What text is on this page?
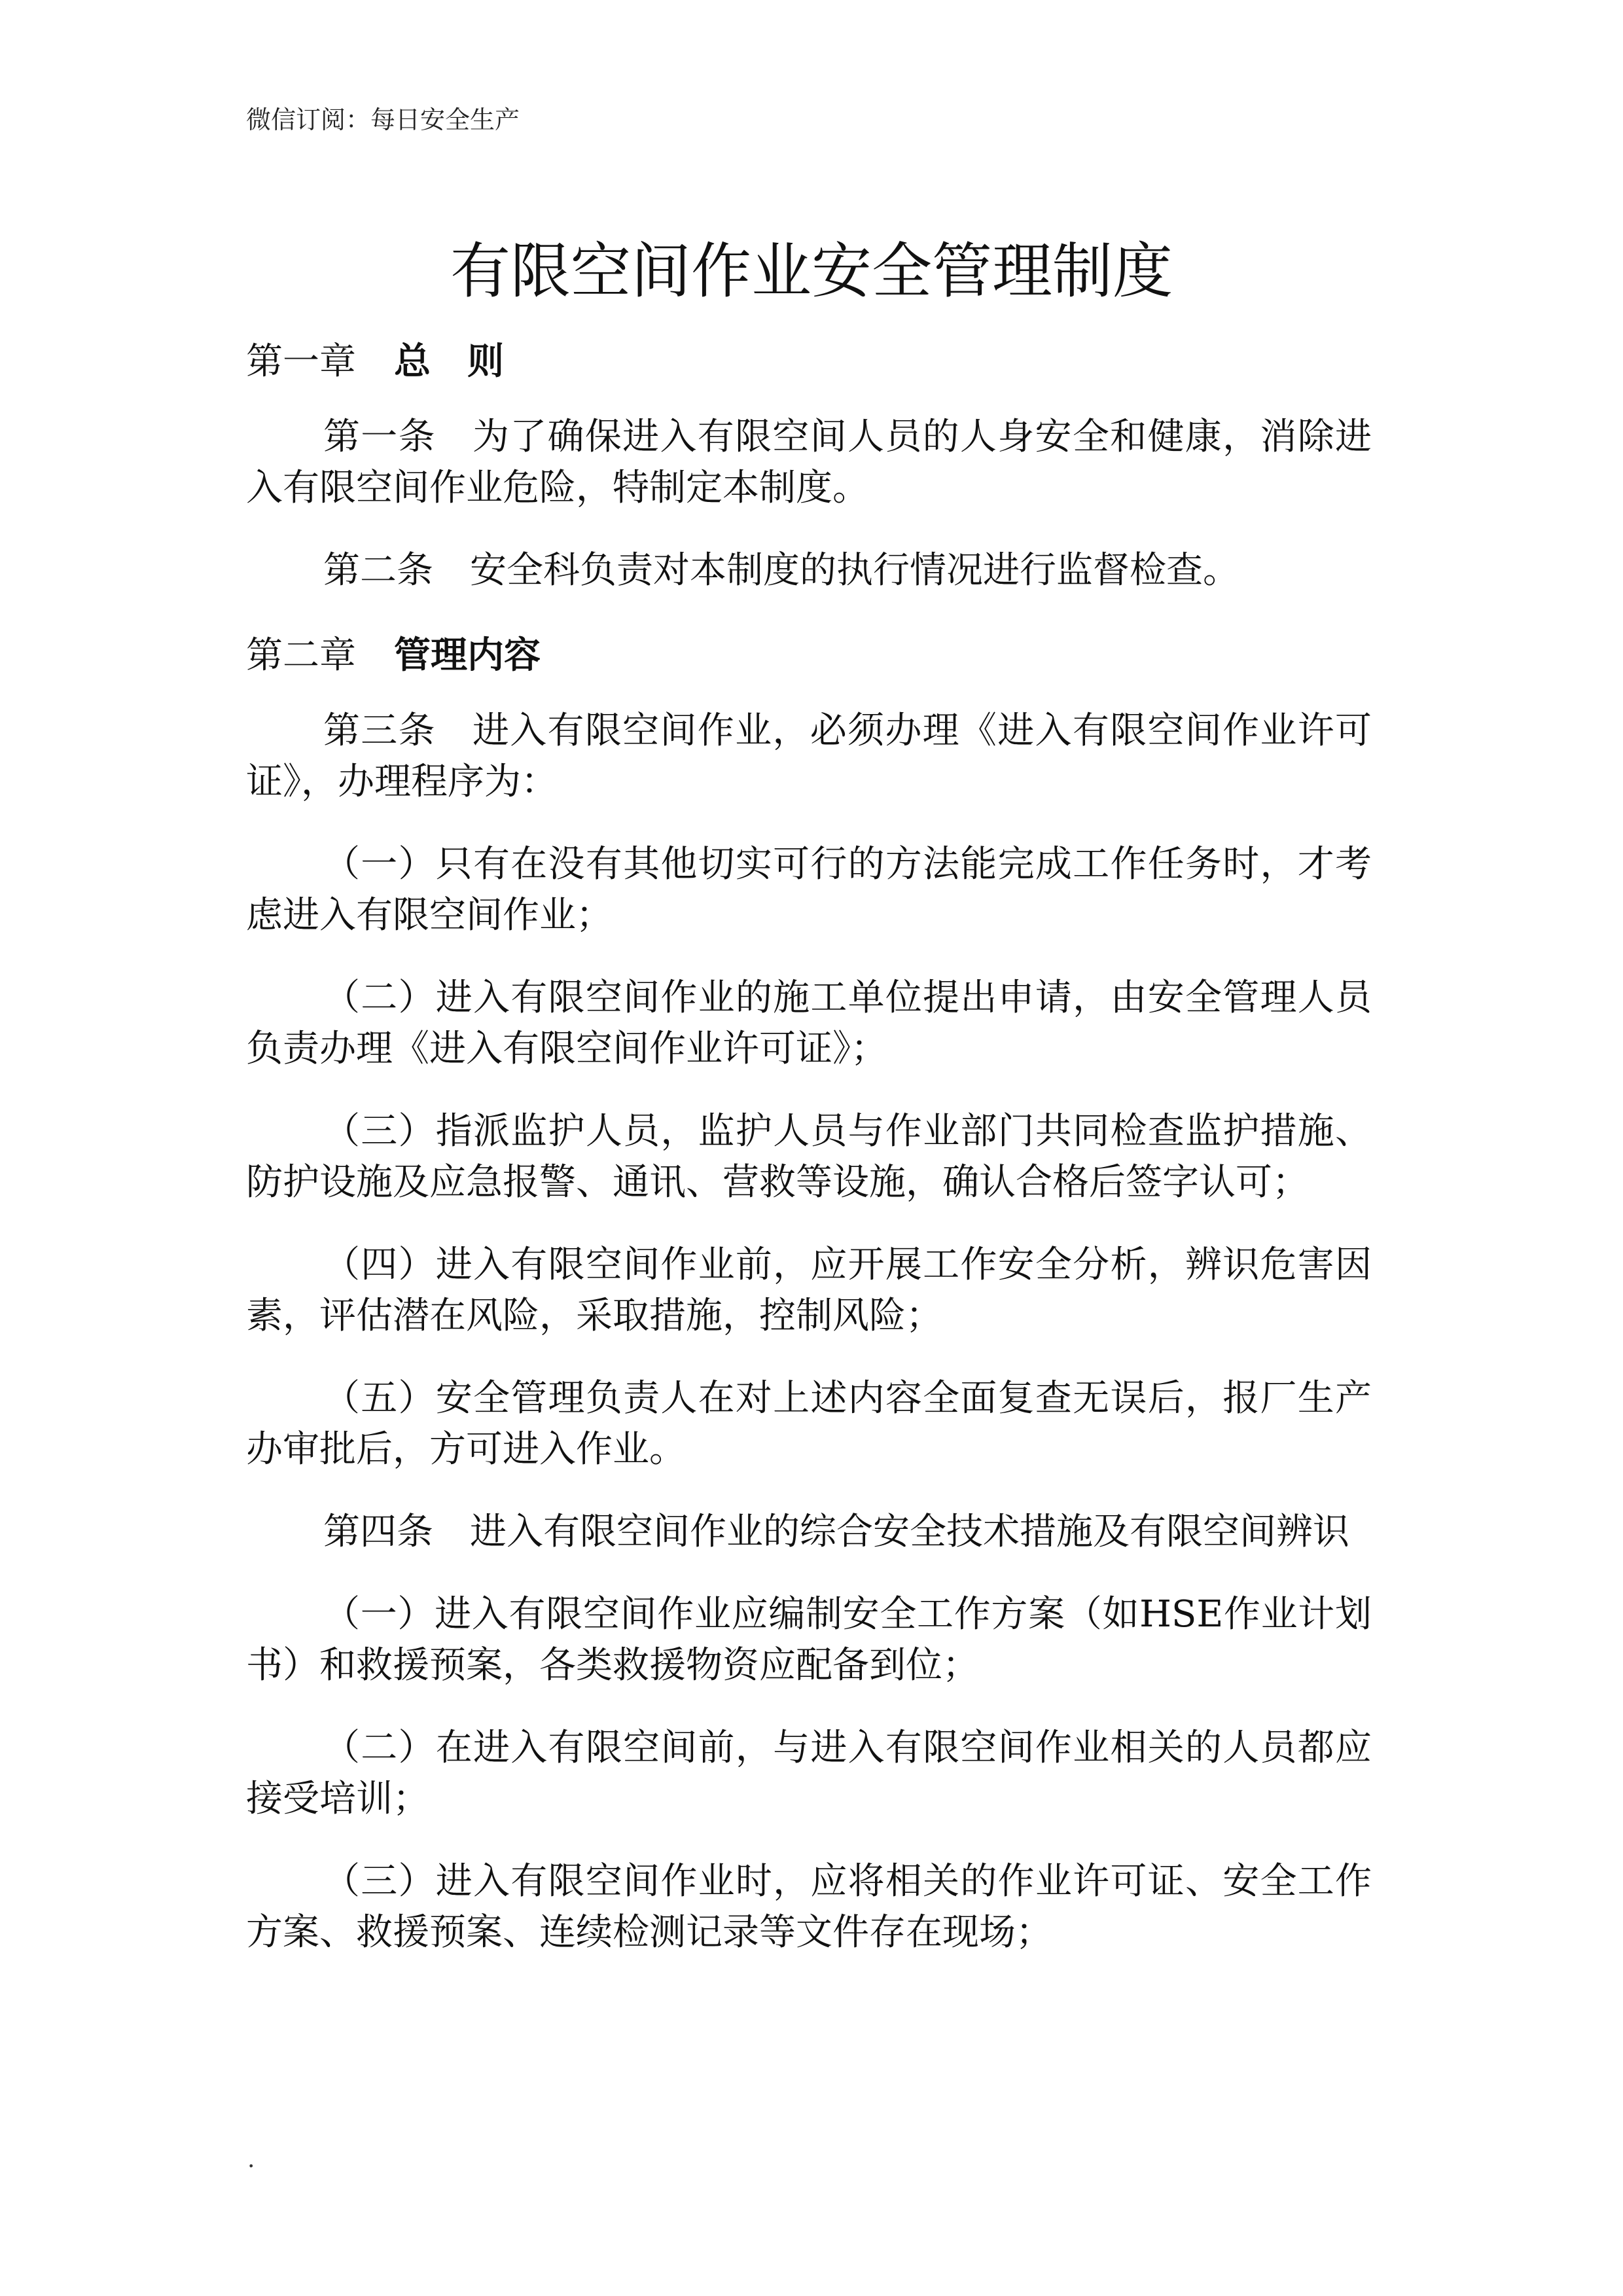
微信订阅：每日安全生产
有限空间作业安全管理制度
第一章 总　则

第一条 为了确保进入有限空间人员的人身安全和健康，消除进入有限空间作业危险，特制定本制度。

第二条 安全科负责对本制度的执行情况进行监督检查。

第二章 管理内容

第三条 进入有限空间作业，必须办理《进入有限空间作业许可证》，办理程序为：

（一）只有在没有其他切实可行的方法能完成工作任务时，才考虑进入有限空间作业；

（二）进入有限空间作业的施工单位提出申请，由安全管理人员负责办理《进入有限空间作业许可证》；

（三）指派监护人员，监护人员与作业部门共同检查监护措施、防护设施及应急报警、通讯、营救等设施，确认合格后签字认可；

（四）进入有限空间作业前，应开展工作安全分析，辨识危害因素，评估潜在风险，采取措施，控制风险；

（五）安全管理负责人在对上述内容全面复查无误后，报厂生产办审批后，方可进入作业。

第四条 进入有限空间作业的综合安全技术措施及有限空间辨识

（一）进入有限空间作业应编制安全工作方案（如HSE作业计划书）和救援预案，各类救援物资应配备到位；

（二）在进入有限空间前，与进入有限空间作业相关的人员都应接受培训；

（三）进入有限空间作业时，应将相关的作业许可证、安全工作方案、救援预案、连续检测记录等文件存在现场；

.
